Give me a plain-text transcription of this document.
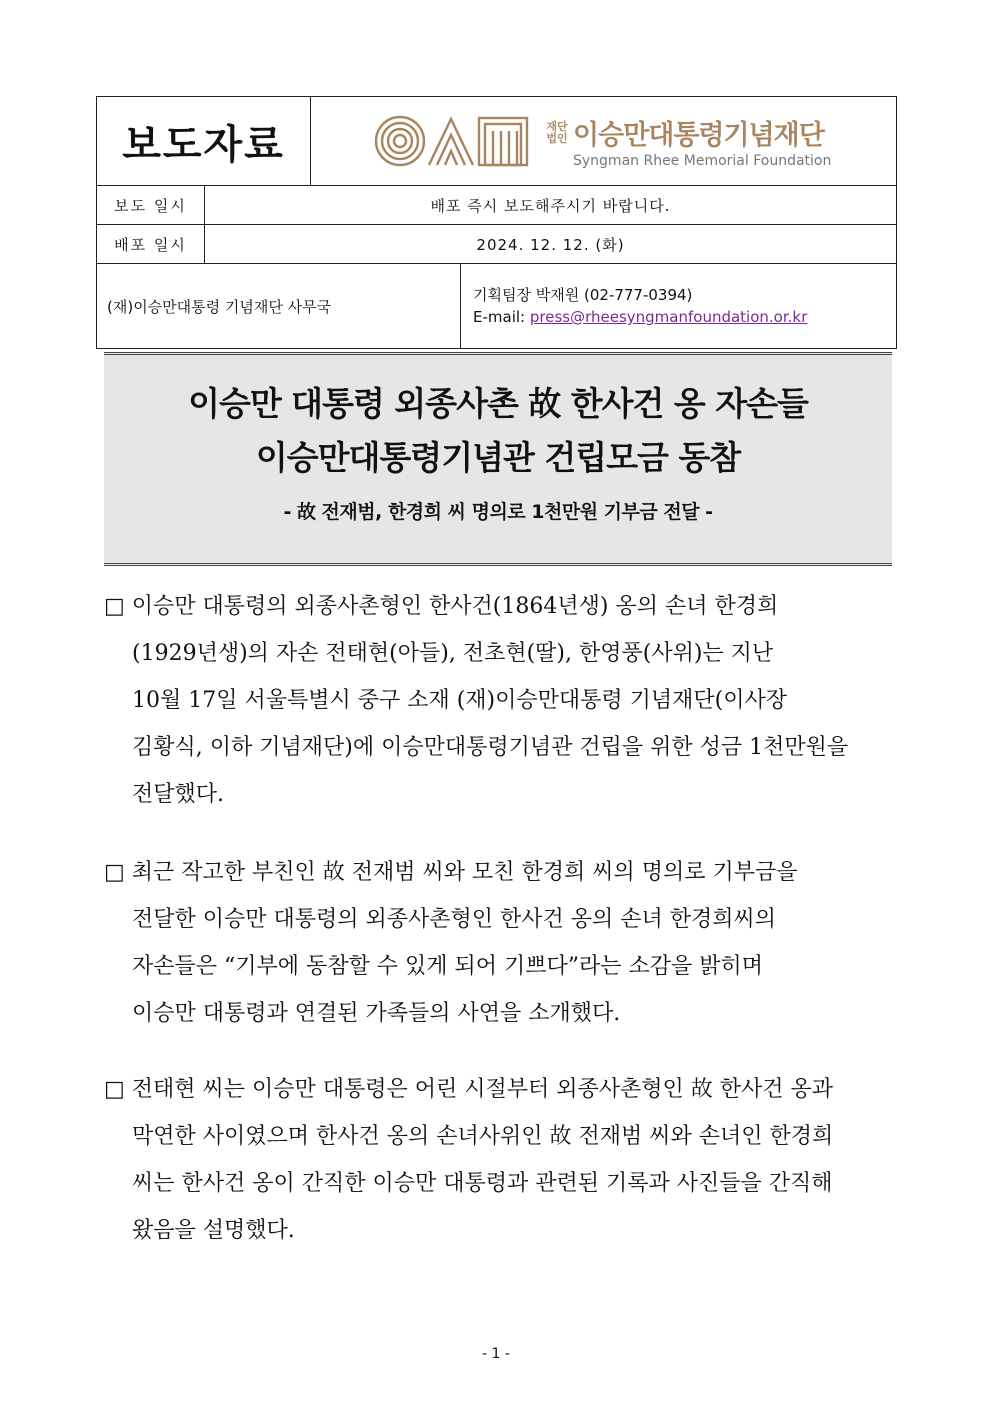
보도자료		재단
법인 이승만대통령기념재단
Syngman Rhee Memorial Foundation	

보도 일시	배포 즉시 보도해주시기 바랍니다.		
배포 일시	2024. 12. 12. (화)		
(재)이승만대통령 기념재단 사무국			기획팀장 박재원 (02-777-0394)
E-mail: press@rheesyngmanfoundation.or.kr
이승만 대통령 외종사촌 故 한사건 옹 자손들
이승만대통령기념관 건립모금 동참
- 故 전재범, 한경희 씨 명의로 1천만원 기부금 전달 -
□ 이승만 대통령의 외종사촌형인 한사건(1864년생) 옹의 손녀 한경희
(1929년생)의 자손 전태현(아들), 전초현(딸), 한영풍(사위)는 지난
10월 17일 서울특별시 중구 소재 (재)이승만대통령 기념재단(이사장
김황식, 이하 기념재단)에 이승만대통령기념관 건립을 위한 성금 1천만원을
전달했다.
□ 최근 작고한 부친인 故 전재범 씨와 모친 한경희 씨의 명의로 기부금을
전달한 이승만 대통령의 외종사촌형인 한사건 옹의 손녀 한경희씨의
자손들은 “기부에 동참할 수 있게 되어 기쁘다”라는 소감을 밝히며
이승만 대통령과 연결된 가족들의 사연을 소개했다.
□ 전태현 씨는 이승만 대통령은 어린 시절부터 외종사촌형인 故 한사건 옹과
막연한 사이였으며 한사건 옹의 손녀사위인 故 전재범 씨와 손녀인 한경희
씨는 한사건 옹이 간직한 이승만 대통령과 관련된 기록과 사진들을 간직해
왔음을 설명했다.
- 1 -
